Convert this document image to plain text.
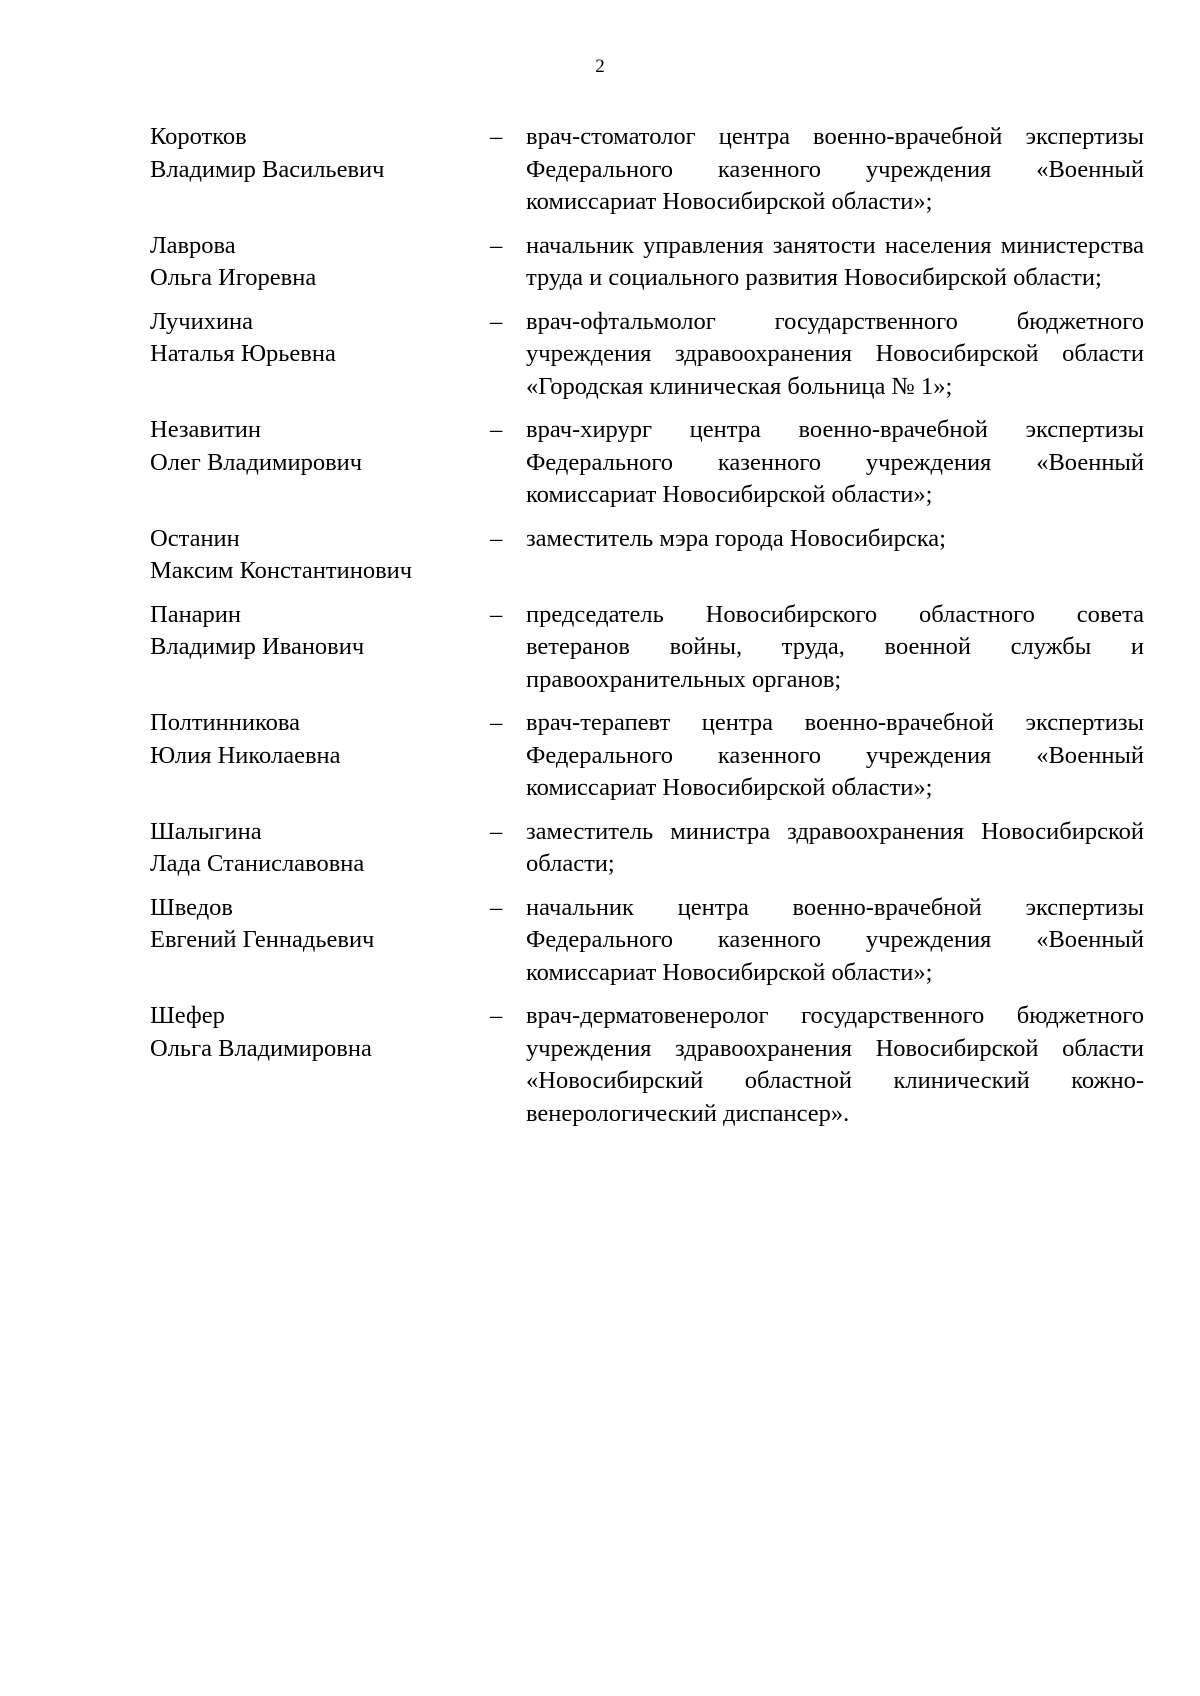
2
Коротков
Владимир Васильевич
– врач-стоматолог центра военно-врачебной экспертизы Федерального казенного учреждения «Военный комиссариат Новосибирской области»;
Лаврова
Ольга Игоревна
– начальник управления занятости населения министерства труда и социального развития Новосибирской области;
Лучихина
Наталья Юрьевна
– врач-офтальмолог государственного бюджетного учреждения здравоохранения Новосибирской области «Городская клиническая больница № 1»;
Незавитин
Олег Владимирович
– врач-хирург центра военно-врачебной экспертизы Федерального казенного учреждения «Военный комиссариат Новосибирской области»;
Останин
Максим Константинович
– заместитель мэра города Новосибирска;
Панарин
Владимир Иванович
– председатель Новосибирского областного совета ветеранов войны, труда, военной службы и правоохранительных органов;
Полтинникова
Юлия Николаевна
– врач-терапевт центра военно-врачебной экспертизы Федерального казенного учреждения «Военный комиссариат Новосибирской области»;
Шалыгина
Лада Станиславовна
– заместитель министра здравоохранения Новосибирской области;
Шведов
Евгений Геннадьевич
– начальник центра военно-врачебной экспертизы Федерального казенного учреждения «Военный комиссариат Новосибирской области»;
Шефер
Ольга Владимировна
– врач-дерматовенеролог государственного бюджетного учреждения здравоохранения Новосибирской области «Новосибирский областной клинический кожно-венерологический диспансер».
